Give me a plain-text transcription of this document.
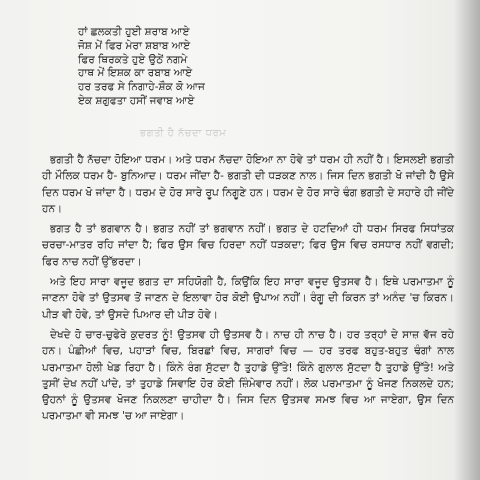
ਹਾਂ ਛਲਕਤੀ ਹੁਈ ਸ਼ਰਾਬ ਆਏ
ਜੋਸ਼ ਮੇਂ ਫਿਰ ਮੇਰਾ ਸ਼ਬਾਬ ਆਏ
ਫਿਰ ਥਿਰਕਤੇ ਹੁਏ ਉਠੇਂ ਨਗਮੇ
ਹਾਥ ਮੇਂ ਇਸ਼ਕ ਕਾ ਰਬਾਬ ਆਏ
ਹਰ ਤਰਫ ਸੇ ਨਿਗਾਹੇ-ਸ਼ੌਕ ਕੋ ਆਜ
ਏਕ ਸ਼ਗੁਫਤਾ ਹਸੀਂ ਜਵਾਬ ਆਏ
ਭਗਤੀ ਹੈ ਨੱਚਦਾ ਧਰਮ

ਭਗਤੀ ਹੈ ਨੱਚਦਾ ਹੋਇਆ ਧਰਮ। ਅਤੇ ਧਰਮ ਨੱਚਦਾ ਹੋਇਆ ਨਾ ਹੋਵੇ ਤਾਂ ਧਰਮ ਹੀ ਨਹੀਂ ਹੈ। ਇਸਲਈ ਭਗਤੀ ਹੀ ਮੌਲਿਕ ਧਰਮ ਹੈ- ਬੁਨਿਆਦ। ਧਰਮ ਜੀਂਦਾ ਹੈ- ਭਗਤੀ ਦੀ ਧੜਕਣ ਨਾਲ। ਜਿਸ ਦਿਨ ਭਗਤੀ ਖੋ ਜਾਂਦੀ ਹੈ ਉਸੇ ਦਿਨ ਧਰਮ ਖੋ ਜਾਂਦਾ ਹੈ। ਧਰਮ ਦੇ ਹੋਰ ਸਾਰੇ ਰੂਪ ਨਿਗੂਣੇ ਹਨ। ਧਰਮ ਦੇ ਹੋਰ ਸਾਰੇ ਢੰਗ ਭਗਤੀ ਦੇ ਸਹਾਰੇ ਹੀ ਜੀਂਦੇ ਹਨ।

ਭਗਤ ਹੈ ਤਾਂ ਭਗਵਾਨ ਹੈ। ਭਗਤ ਨਹੀਂ ਤਾਂ ਭਗਵਾਨ ਨਹੀਂ। ਭਗਤ ਦੇ ਹਟਦਿਆਂ ਹੀ ਧਰਮ ਸਿਰਫ ਸਿਧਾਂਤਕ ਚਰਚਾ-ਮਾਤਰ ਰਹਿ ਜਾਂਦਾ ਹੈ; ਫਿਰ ਉਸ ਵਿਚ ਹਿਰਦਾ ਨਹੀਂ ਧੜਕਦਾ; ਫਿਰ ਉਸ ਵਿਚ ਰਸਧਾਰ ਨਹੀਂ ਵਗਦੀ; ਫਿਰ ਨਾਚ ਨਹੀਂ ਉੱਭਰਦਾ।

ਅਤੇ ਇਹ ਸਾਰਾ ਵਜੂਦ ਭਗਤ ਦਾ ਸਹਿਯੋਗੀ ਹੈ, ਕਿਉਂਕਿ ਇਹ ਸਾਰਾ ਵਜੂਦ ਉਤਸਵ ਹੈ। ਇਥੇ ਪਰਮਾਤਮਾ ਨੂੰ ਜਾਣਨਾ ਹੋਵੇ ਤਾਂ ਉਤਸਵ ਤੋਂ ਜਾਣਨ ਦੇ ਇਲਾਵਾ ਹੋਰ ਕੋਈ ਉਪਾਅ ਨਹੀਂ। ਰੰਗੂ ਦੀ ਕਿਰਨ ਤਾਂ ਅਨੰਦ 'ਚ ਕਿਰਨ। ਪੀੜ ਵੀ ਹੋਵੇ, ਤਾਂ ਉਸਦੇ ਪਿਆਰ ਦੀ ਪੀੜ ਹੋਵੇ।

ਦੇਖਦੇ ਹੋ ਚਾਰ-ਚੁਫੇਰੇ ਕੁਦਰਤ ਨੂੰ! ਉਤਸਵ ਹੀ ਉਤਸਵ ਹੈ। ਨਾਚ ਹੀ ਨਾਚ ਹੈ। ਹਰ ਤਰ੍ਹਾਂ ਦੇ ਸਾਜ਼ ਵੱਜ ਰਹੇ ਹਨ। ਪੰਛੀਆਂ ਵਿਚ, ਪਹਾੜਾਂ ਵਿਚ, ਬਿਰਛਾਂ ਵਿਚ, ਸਾਗਰਾਂ ਵਿਚ — ਹਰ ਤਰਫ ਬਹੁਤ-ਬਹੁਤ ਢੰਗਾਂ ਨਾਲ ਪਰਮਾਤਮਾ ਹੋਲੀ ਖੇਡ ਰਿਹਾ ਹੈ। ਕਿੰਨੇ ਰੰਗ ਸੁੱਟਦਾ ਹੈ ਤੁਹਾਡੇ ਉੱਤੇ! ਕਿੰਨੇ ਗੁਲਾਲ ਸੁੱਟਦਾ ਹੈ ਤੁਹਾਡੇ ਉੱਤੇ! ਅਤੇ ਤੁਸੀਂ ਦੇਖ ਨਹੀਂ ਪਾਂਦੇ, ਤਾਂ ਤੁਹਾਡੇ ਸਿਵਾਇ ਹੋਰ ਕੋਈ ਜ਼ਿੰਮੇਵਾਰ ਨਹੀਂ। ਲੋਕ ਪਰਮਾਤਮਾ ਨੂੰ ਖੋਜਣ ਨਿਕਲਦੇ ਹਨ; ਉਹਨਾਂ ਨੂੰ ਉਤਸਵ ਖੋਜਣ ਨਿਕਲਣਾ ਚਾਹੀਦਾ ਹੈ। ਜਿਸ ਦਿਨ ਉਤਸਵ ਸਮਝ ਵਿਚ ਆ ਜਾਏਗਾ, ਉਸ ਦਿਨ ਪਰਮਾਤਮਾ ਵੀ ਸਮਝ 'ਚ ਆ ਜਾਏਗਾ।
